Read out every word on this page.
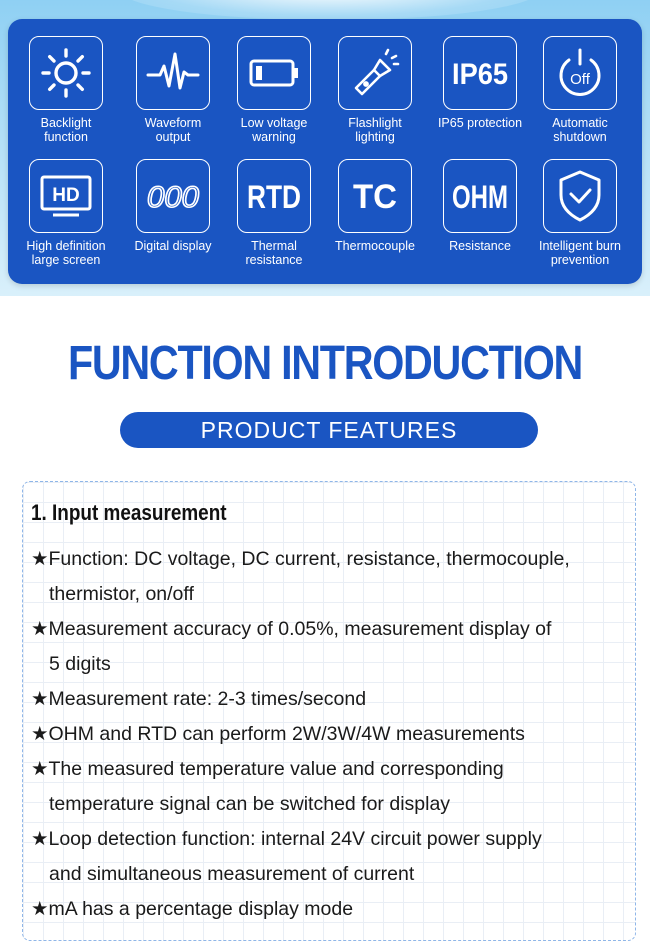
Backlight
function
Waveform
output
Low voltage
warning
Flashlight
lighting
IP65
IP65 protection
Off
Automatic
shutdown
HD
High definition
large screen
000
Digital display
RTD
Thermal
resistance
TC
Thermocouple
OHM
Resistance	Intelligent burn
prevention
FUNCTION INTRODUCTION
PRODUCT FEATURES
1. Input measurement
★Function: DC voltage, DC current, resistance, thermocouple,
thermistor, on/off
★Measurement accuracy of 0.05%, measurement display of
5 digits
★Measurement rate: 2-3 times/second
★OHM and RTD can perform 2W/3W/4W measurements
★The measured temperature value and corresponding
temperature signal can be switched for display
★Loop detection function: internal 24V circuit power supply
and simultaneous measurement of current
★mA has a percentage display mode
